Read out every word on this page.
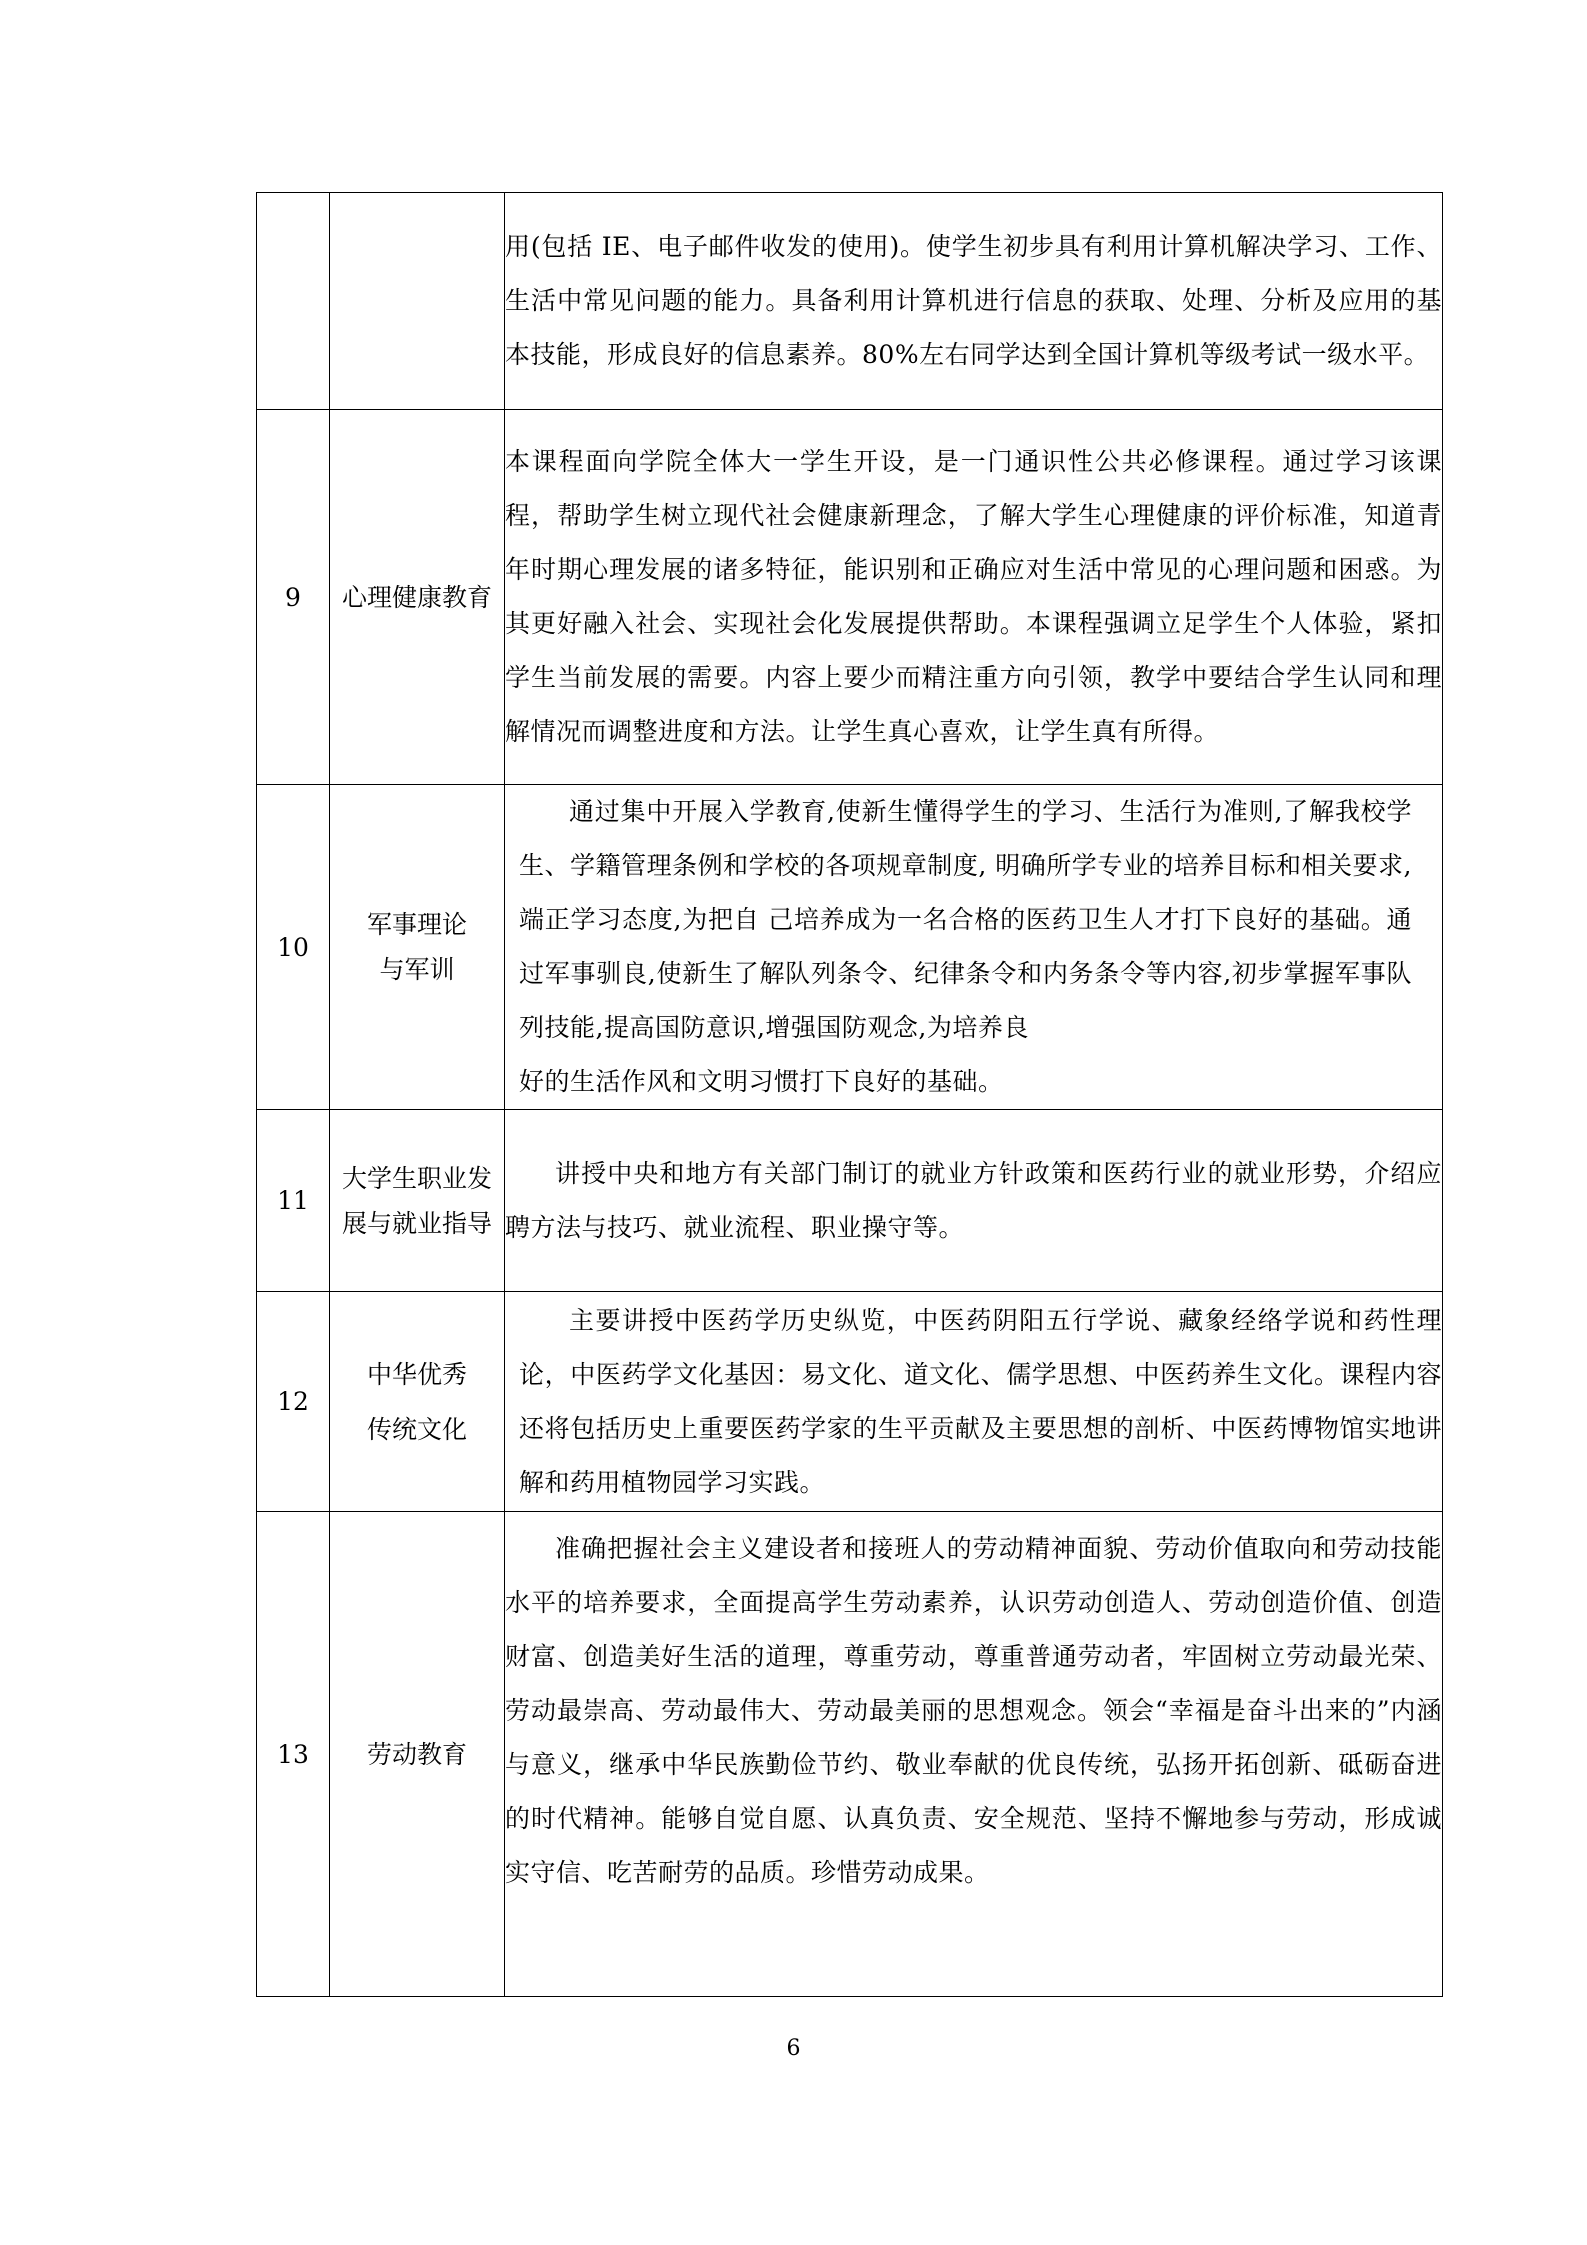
		用(包括 IE、电子邮件收发的使用)。使学生初步具有利用计算机解决学习、工作、生活中常见问题的能力。具备利用计算机进行信息的获取、处理、分析及应用的基本技能，形成良好的信息素养。80%左右同学达到全国计算机等级考试一级水平。

9	心理健康教育	本课程面向学院全体大一学生开设，是一门通识性公共必修课程。通过学习该课程，帮助学生树立现代社会健康新理念，了解大学生心理健康的评价标准，知道青年时期心理发展的诸多特征，能识别和正确应对生活中常见的心理问题和困惑。为其更好融入社会、实现社会化发展提供帮助。本课程强调立足学生个人体验，紧扣学生当前发展的需要。内容上要少而精注重方向引领，教学中要结合学生认同和理解情况而调整进度和方法。让学生真心喜欢，让学生真有所得。

10	军事理论与军训	通过集中开展入学教育,使新生懂得学生的学习、生活行为准则,了解我校学生、学籍管理条例和学校的各项规章制度, 明确所学专业的培养目标和相关要求,端正学习态度,为把自 己培养成为一名合格的医药卫生人才打下良好的基础。通过军事驯良,使新生了解队列条令、纪律条令和内务条令等内容,初步掌握军事队列技能,提高国防意识,增强国防观念,为培养良

好的生活作风和文明习惯打下良好的基础。

11	大学生职业发展与就业指导	讲授中央和地方有关部门制订的就业方针政策和医药行业的就业形势，介绍应聘方法与技巧、就业流程、职业操守等。

12	中华优秀传统文化	主要讲授中医药学历史纵览，中医药阴阳五行学说、藏象经络学说和药性理论，中医药学文化基因：易文化、道文化、儒学思想、中医药养生文化。课程内容还将包括历史上重要医药学家的生平贡献及主要思想的剖析、中医药博物馆实地讲解和药用植物园学习实践。

13	劳动教育	准确把握社会主义建设者和接班人的劳动精神面貌、劳动价值取向和劳动技能水平的培养要求，全面提高学生劳动素养，认识劳动创造人、劳动创造价值、创造财富、创造美好生活的道理，尊重劳动，尊重普通劳动者，牢固树立劳动最光荣、劳动最崇高、劳动最伟大、劳动最美丽的思想观念。领会“幸福是奋斗出来的”内涵与意义，继承中华民族勤俭节约、敬业奉献的优良传统，弘扬开拓创新、砥砺奋进的时代精神。能够自觉自愿、认真负责、安全规范、坚持不懈地参与劳动，形成诚实守信、吃苦耐劳的品质。珍惜劳动成果。

6
